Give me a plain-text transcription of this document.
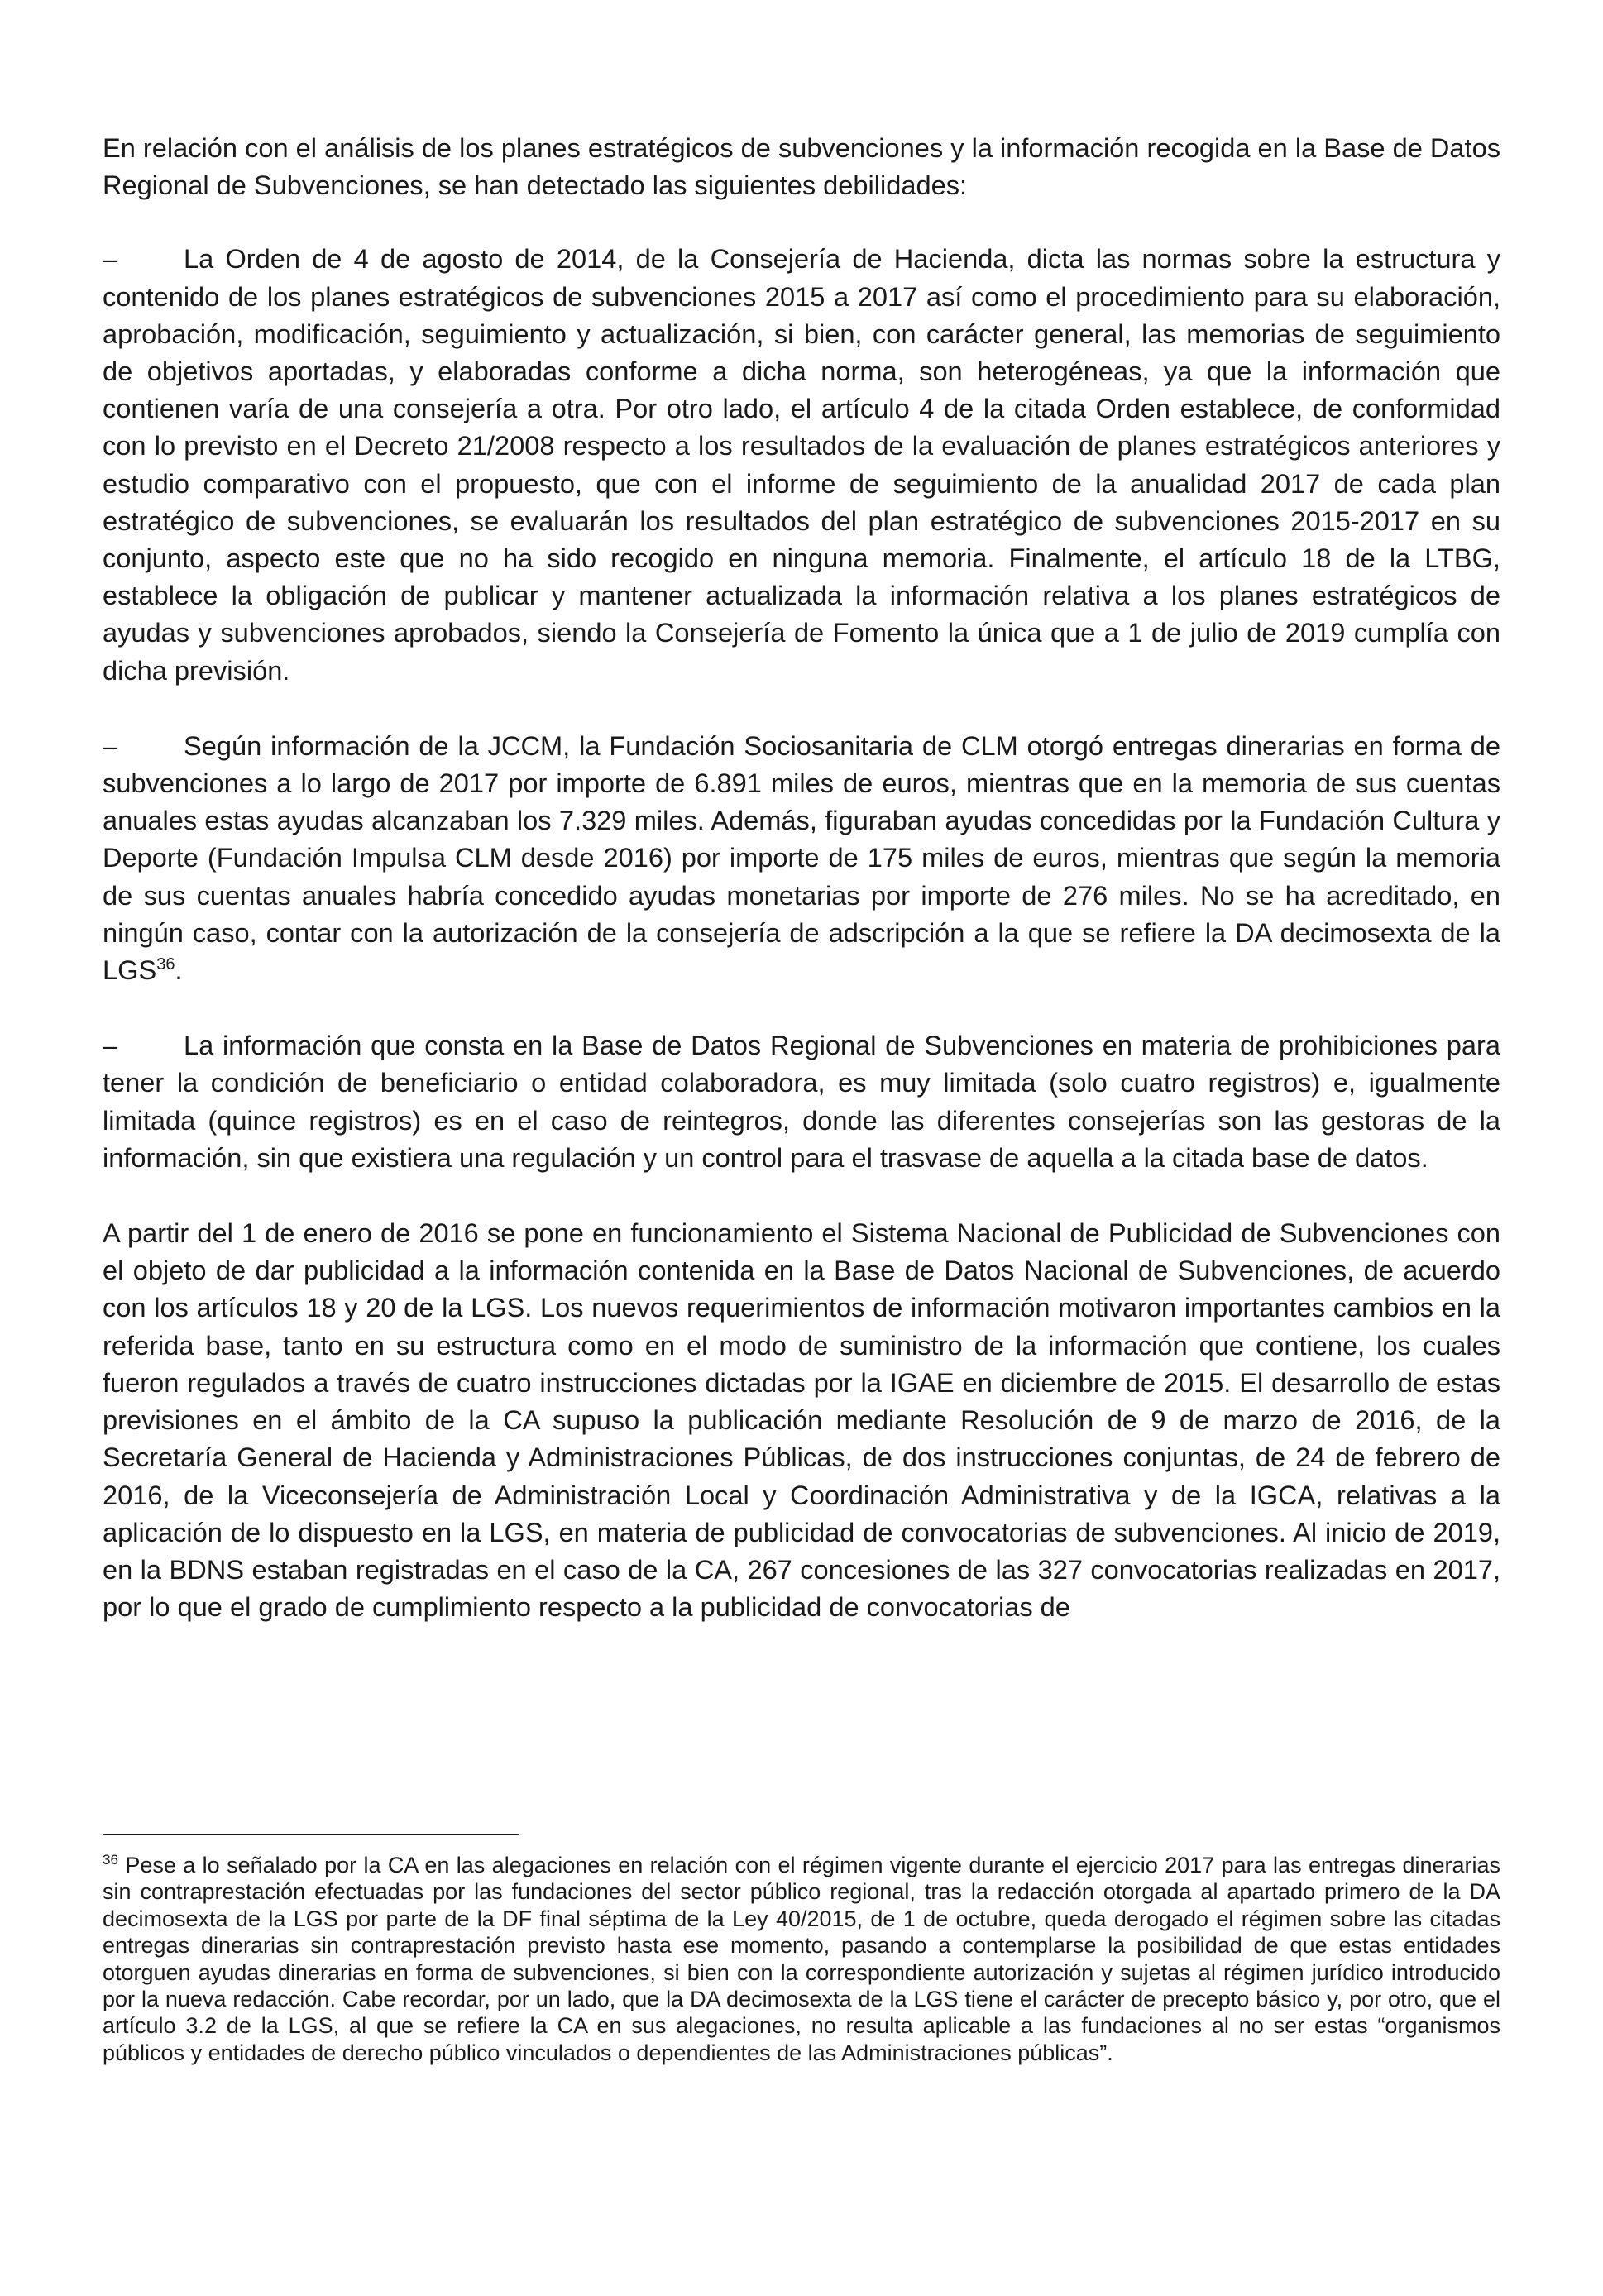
En relación con el análisis de los planes estratégicos de subvenciones y la información recogida en la Base de Datos Regional de Subvenciones, se han detectado las siguientes debilidades:

– La Orden de 4 de agosto de 2014, de la Consejería de Hacienda, dicta las normas sobre la estructura y contenido de los planes estratégicos de subvenciones 2015 a 2017 así como el procedimiento para su elaboración, aprobación, modificación, seguimiento y actualización, si bien, con carácter general, las memorias de seguimiento de objetivos aportadas, y elaboradas conforme a dicha norma, son heterogéneas, ya que la información que contienen varía de una consejería a otra. Por otro lado, el artículo 4 de la citada Orden establece, de conformidad con lo previsto en el Decreto 21/2008 respecto a los resultados de la evaluación de planes estratégicos anteriores y estudio comparativo con el propuesto, que con el informe de seguimiento de la anualidad 2017 de cada plan estratégico de subvenciones, se evaluarán los resultados del plan estratégico de subvenciones 2015-2017 en su conjunto, aspecto este que no ha sido recogido en ninguna memoria. Finalmente, el artículo 18 de la LTBG, establece la obligación de publicar y mantener actualizada la información relativa a los planes estratégicos de ayudas y subvenciones aprobados, siendo la Consejería de Fomento la única que a 1 de julio de 2019 cumplía con dicha previsión.

– Según información de la JCCM, la Fundación Sociosanitaria de CLM otorgó entregas dinerarias en forma de subvenciones a lo largo de 2017 por importe de 6.891 miles de euros, mientras que en la memoria de sus cuentas anuales estas ayudas alcanzaban los 7.329 miles. Además, figuraban ayudas concedidas por la Fundación Cultura y Deporte (Fundación Impulsa CLM desde 2016) por importe de 175 miles de euros, mientras que según la memoria de sus cuentas anuales habría concedido ayudas monetarias por importe de 276 miles. No se ha acreditado, en ningún caso, contar con la autorización de la consejería de adscripción a la que se refiere la DA decimosexta de la LGS$^{36}$.

– La información que consta en la Base de Datos Regional de Subvenciones en materia de prohibiciones para tener la condición de beneficiario o entidad colaboradora, es muy limitada (solo cuatro registros) e, igualmente limitada (quince registros) es en el caso de reintegros, donde las diferentes consejerías son las gestoras de la información, sin que existiera una regulación y un control para el trasvase de aquella a la citada base de datos.

A partir del 1 de enero de 2016 se pone en funcionamiento el Sistema Nacional de Publicidad de Subvenciones con el objeto de dar publicidad a la información contenida en la Base de Datos Nacional de Subvenciones, de acuerdo con los artículos 18 y 20 de la LGS. Los nuevos requerimientos de información motivaron importantes cambios en la referida base, tanto en su estructura como en el modo de suministro de la información que contiene, los cuales fueron regulados a través de cuatro instrucciones dictadas por la IGAE en diciembre de 2015. El desarrollo de estas previsiones en el ámbito de la CA supuso la publicación mediante Resolución de 9 de marzo de 2016, de la Secretaría General de Hacienda y Administraciones Públicas, de dos instrucciones conjuntas, de 24 de febrero de 2016, de la Viceconsejería de Administración Local y Coordinación Administrativa y de la IGCA, relativas a la aplicación de lo dispuesto en la LGS, en materia de publicidad de convocatorias de subvenciones. Al inicio de 2019, en la BDNS estaban registradas en el caso de la CA, 267 concesiones de las 327 convocatorias realizadas en 2017, por lo que el grado de cumplimiento respecto a la publicidad de convocatorias de

$^{36}$ Pese a lo señalado por la CA en las alegaciones en relación con el régimen vigente durante el ejercicio 2017 para las entregas dinerarias sin contraprestación efectuadas por las fundaciones del sector público regional, tras la redacción otorgada al apartado primero de la DA decimosexta de la LGS por parte de la DF final séptima de la Ley 40/2015, de 1 de octubre, queda derogado el régimen sobre las citadas entregas dinerarias sin contraprestación previsto hasta ese momento, pasando a contemplarse la posibilidad de que estas entidades otorguen ayudas dinerarias en forma de subvenciones, si bien con la correspondiente autorización y sujetas al régimen jurídico introducido por la nueva redacción. Cabe recordar, por un lado, que la DA decimosexta de la LGS tiene el carácter de precepto básico y, por otro, que el artículo 3.2 de la LGS, al que se refiere la CA en sus alegaciones, no resulta aplicable a las fundaciones al no ser estas “organismos públicos y entidades de derecho público vinculados o dependientes de las Administraciones públicas”.
